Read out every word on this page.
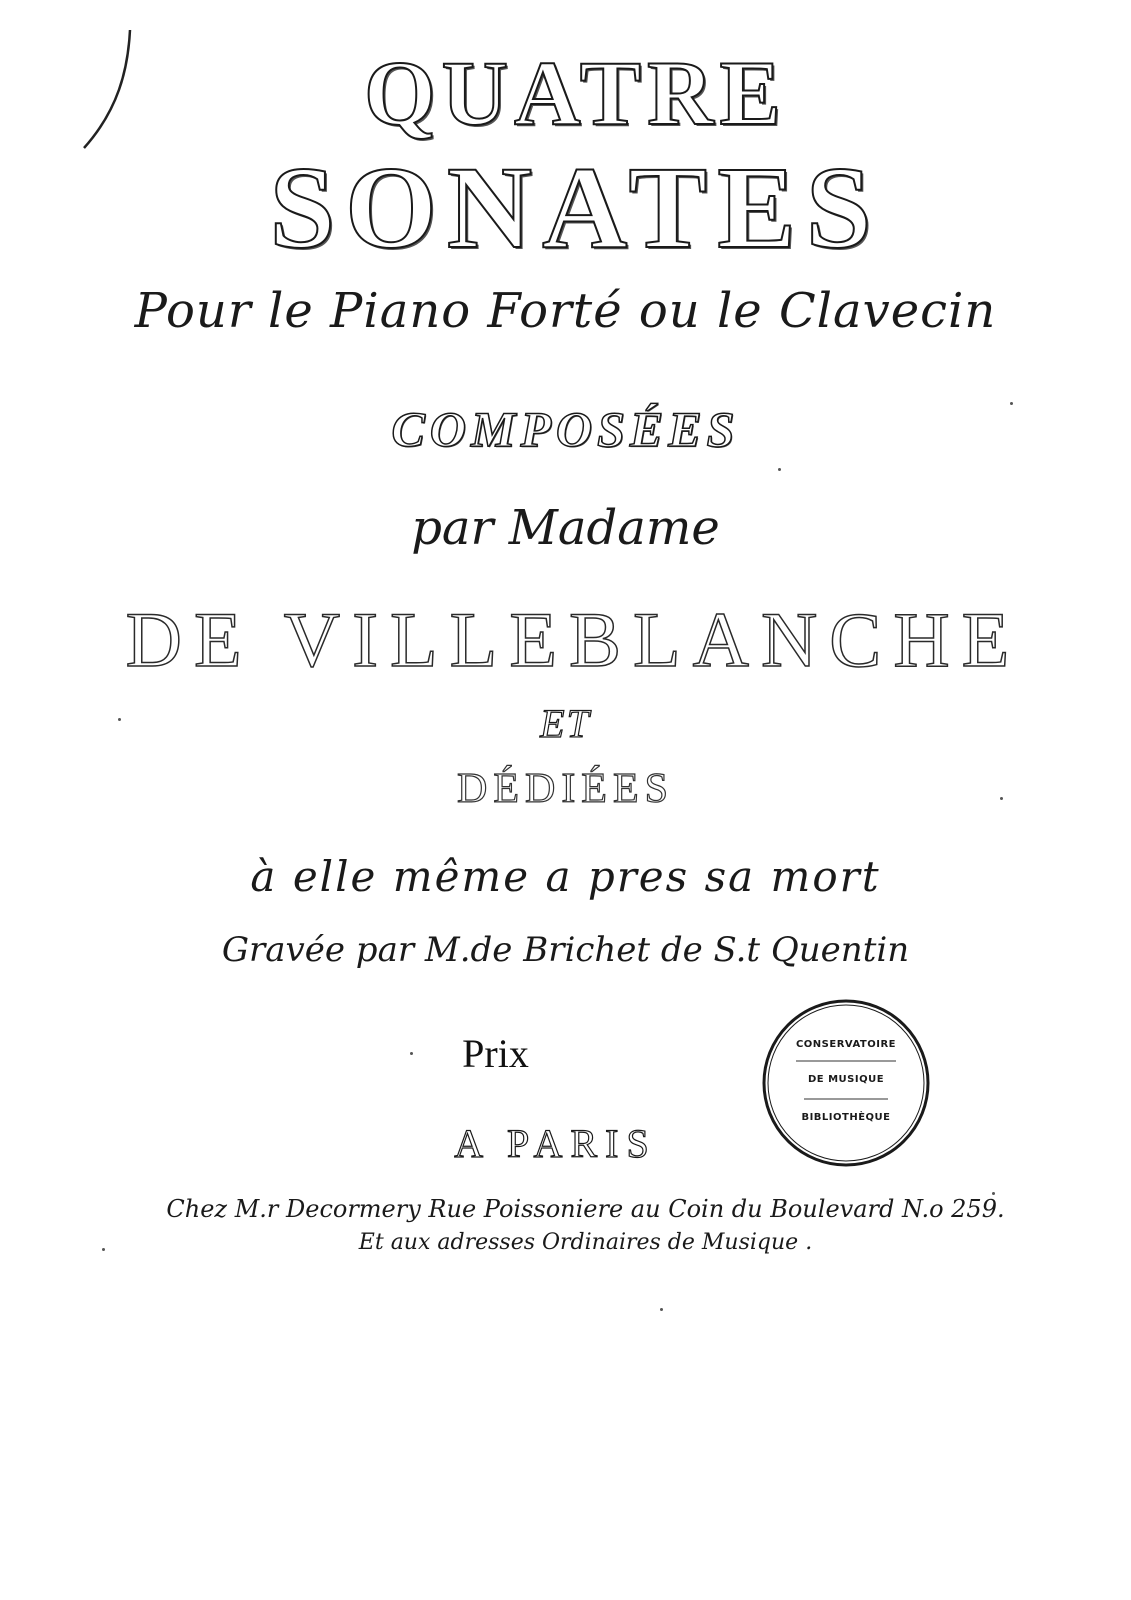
QUATRE
SONATES
Pour le Piano Forté ou le Clavecin
COMPOSÉES
par Madame
DE VILLEBLANCHE
ET
DÉDIÉES
à elle même a pres sa mort
Gravée par M.de Brichet de S.t Quentin
Prix
A PARIS
Chez M.r Decormery Rue Poissoniere au Coin du Boulevard N.o 259.
Et aux adresses Ordinaires de Musique .
CONSERVATOIRE
DE MUSIQUE
BIBLIOTHÈQUE
